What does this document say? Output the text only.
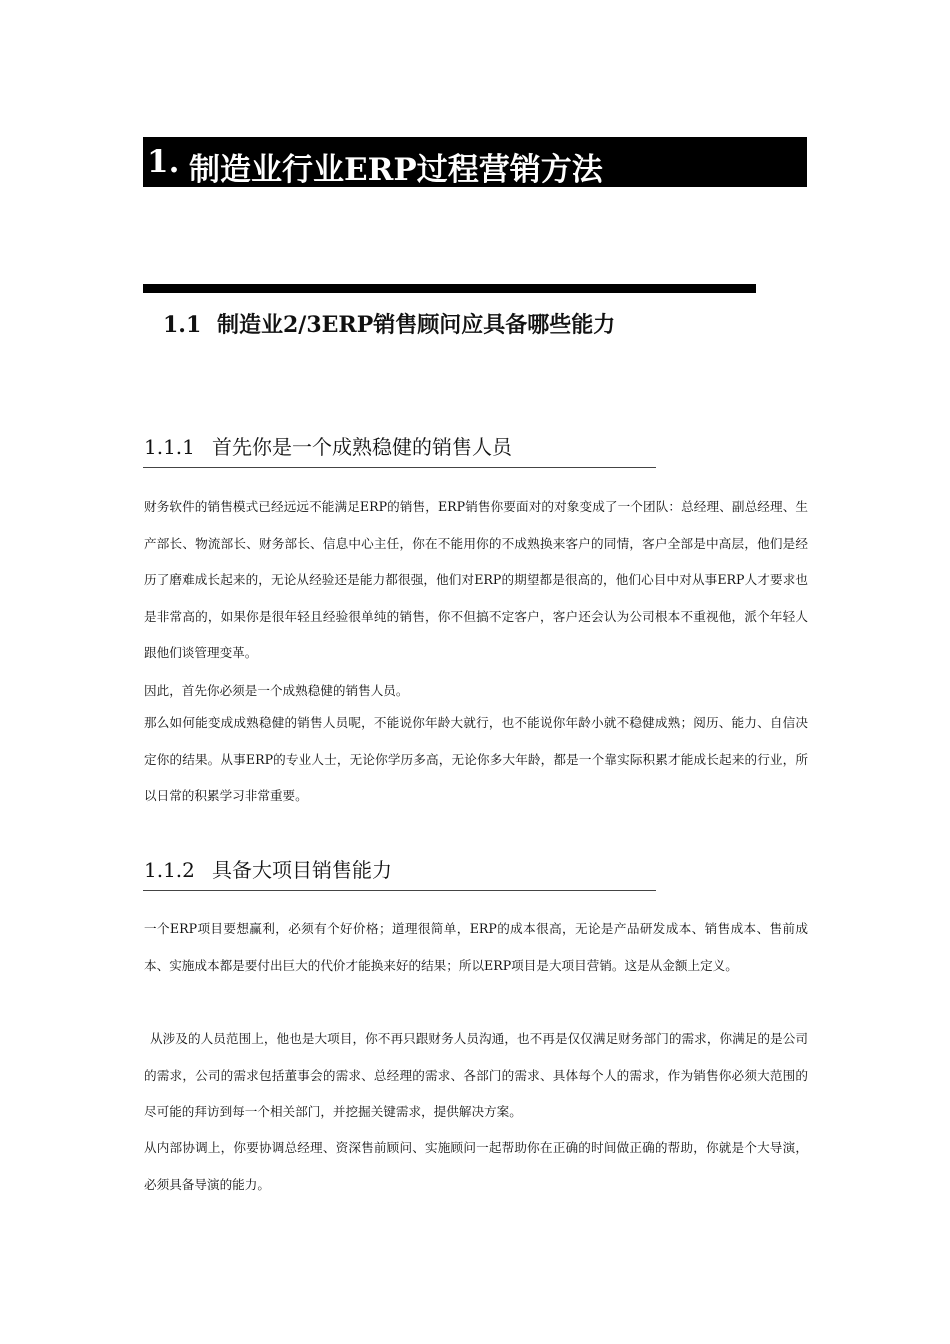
1. 制造业行业ERP过程营销方法
1.1 制造业2/3ERP销售顾问应具备哪些能力
1.1.1 首先你是一个成熟稳健的销售人员
财务软件的销售模式已经远远不能满足ERP的销售，ERP销售你要面对的对象变成了一个团队：总经理、副总经理、生产部长、物流部长、财务部长、信息中心主任，你在不能用你的不成熟换来客户的同情，客户全部是中高层，他们是经历了磨难成长起来的，无论从经验还是能力都很强，他们对ERP的期望都是很高的，他们心目中对从事ERP人才要求也是非常高的，如果你是很年轻且经验很单纯的销售，你不但搞不定客户，客户还会认为公司根本不重视他，派个年轻人跟他们谈管理变革。
因此，首先你必须是一个成熟稳健的销售人员。
那么如何能变成成熟稳健的销售人员呢，不能说你年龄大就行，也不能说你年龄小就不稳健成熟；阅历、能力、自信决定你的结果。从事ERP的专业人士，无论你学历多高，无论你多大年龄，都是一个靠实际积累才能成长起来的行业，所以日常的积累学习非常重要。
1.1.2 具备大项目销售能力
一个ERP项目要想赢利，必须有个好价格；道理很简单，ERP的成本很高，无论是产品研发成本、销售成本、售前成本、实施成本都是要付出巨大的代价才能换来好的结果；所以ERP项目是大项目营销。这是从金额上定义。
从涉及的人员范围上，他也是大项目，你不再只跟财务人员沟通，也不再是仅仅满足财务部门的需求，你满足的是公司的需求，公司的需求包括董事会的需求、总经理的需求、各部门的需求、具体每个人的需求，作为销售你必须大范围的尽可能的拜访到每一个相关部门，并挖掘关键需求，提供解决方案。
从内部协调上，你要协调总经理、资深售前顾问、实施顾问一起帮助你在正确的时间做正确的帮助，你就是个大导演，必须具备导演的能力。
